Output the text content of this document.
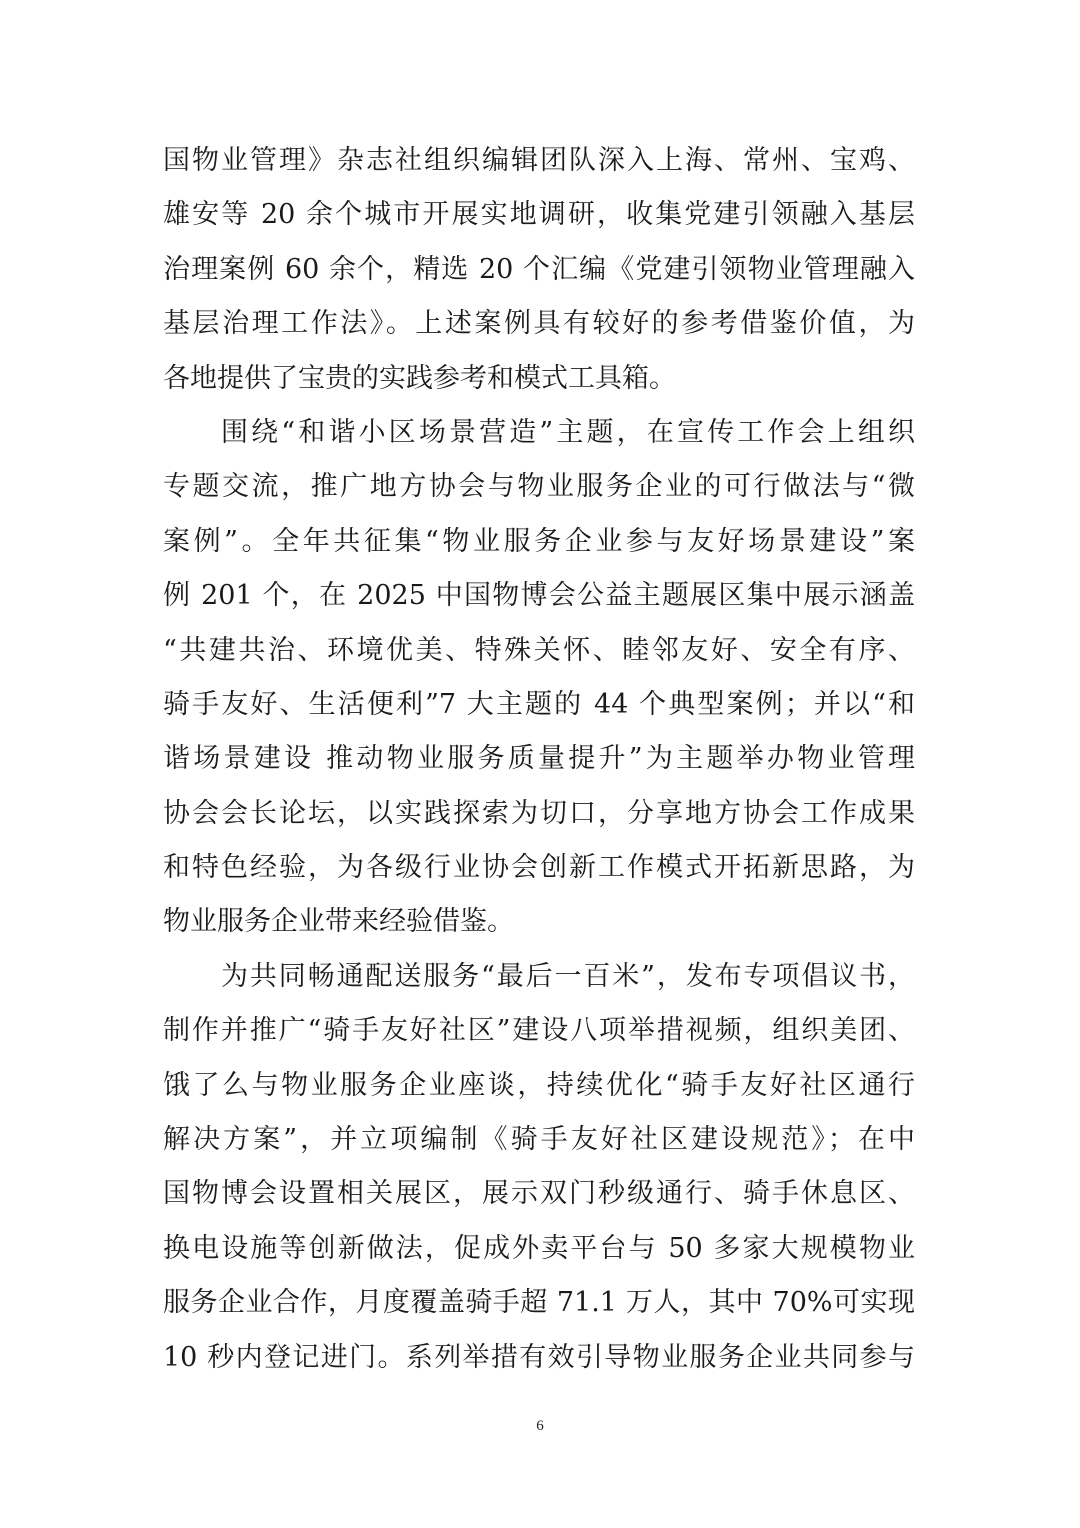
国物业管理》杂志社组织编辑团队深入上海、常州、宝鸡、
雄安等 20 余个城市开展实地调研，收集党建引领融入基层
治理案例 60 余个，精选 20 个汇编《党建引领物业管理融入
基层治理工作法》。上述案例具有较好的参考借鉴价值，为
各地提供了宝贵的实践参考和模式工具箱。
围绕“和谐小区场景营造”主题，在宣传工作会上组织
专题交流，推广地方协会与物业服务企业的可行做法与“微
案例”。全年共征集“物业服务企业参与友好场景建设”案
例 201 个，在 2025 中国物博会公益主题展区集中展示涵盖
“共建共治、环境优美、特殊关怀、睦邻友好、安全有序、
骑手友好、生活便利”7 大主题的 44 个典型案例；并以“和
谐场景建设 推动物业服务质量提升”为主题举办物业管理
协会会长论坛，以实践探索为切口，分享地方协会工作成果
和特色经验，为各级行业协会创新工作模式开拓新思路，为
物业服务企业带来经验借鉴。
为共同畅通配送服务“最后一百米”，发布专项倡议书，
制作并推广“骑手友好社区”建设八项举措视频，组织美团、
饿了么与物业服务企业座谈，持续优化“骑手友好社区通行
解决方案”，并立项编制《骑手友好社区建设规范》；在中
国物博会设置相关展区，展示双门秒级通行、骑手休息区、
换电设施等创新做法，促成外卖平台与 50 多家大规模物业
服务企业合作，月度覆盖骑手超 71.1 万人，其中 70%可实现
10 秒内登记进门。系列举措有效引导物业服务企业共同参与
6
